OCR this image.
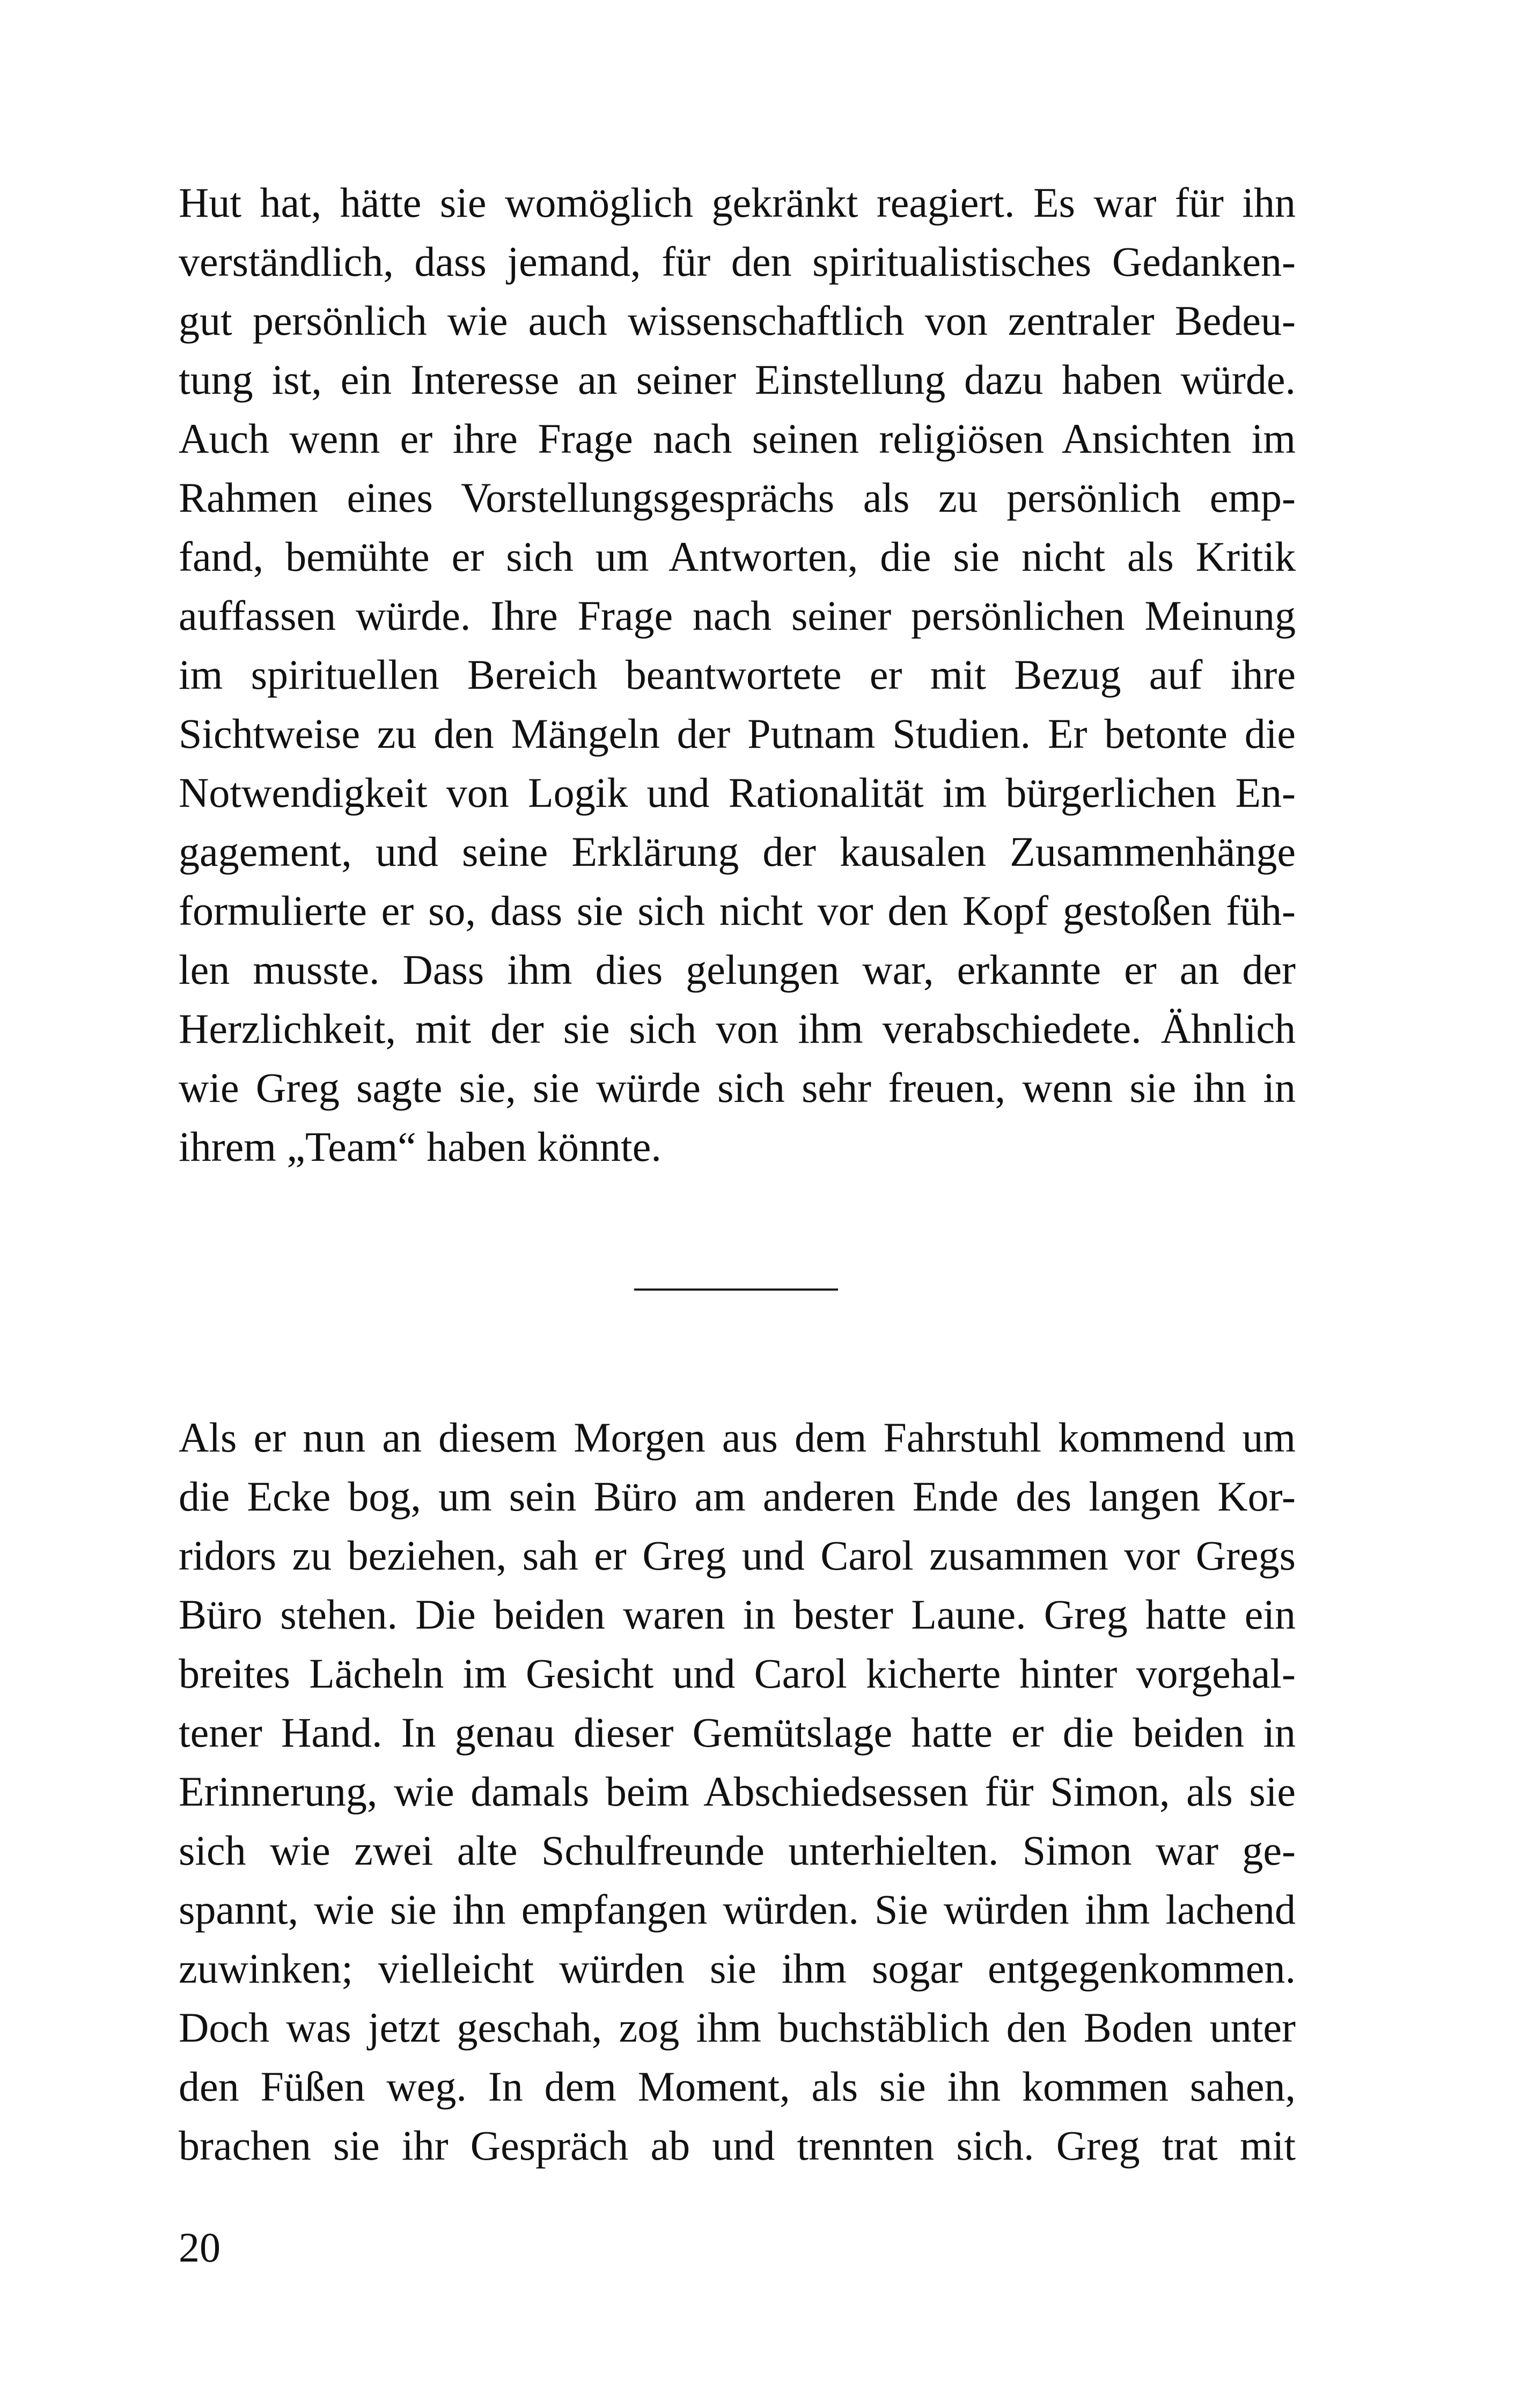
Hut hat, hätte sie womöglich gekränkt reagiert. Es war für ihn
verständlich, dass jemand, für den spiritualistisches Gedanken-
gut persönlich wie auch wissenschaftlich von zentraler Bedeu-
tung ist, ein Interesse an seiner Einstellung dazu haben würde.
Auch wenn er ihre Frage nach seinen religiösen Ansichten im
Rahmen eines Vorstellungsgesprächs als zu persönlich emp-
fand, bemühte er sich um Antworten, die sie nicht als Kritik
auffassen würde. Ihre Frage nach seiner persönlichen Meinung
im spirituellen Bereich beantwortete er mit Bezug auf ihre
Sichtweise zu den Mängeln der Putnam Studien. Er betonte die
Notwendigkeit von Logik und Rationalität im bürgerlichen En-
gagement, und seine Erklärung der kausalen Zusammenhänge
formulierte er so, dass sie sich nicht vor den Kopf gestoßen füh-
len musste. Dass ihm dies gelungen war, erkannte er an der
Herzlichkeit, mit der sie sich von ihm verabschiedete. Ähnlich
wie Greg sagte sie, sie würde sich sehr freuen, wenn sie ihn in
ihrem „Team“ haben könnte.
Als er nun an diesem Morgen aus dem Fahrstuhl kommend um
die Ecke bog, um sein Büro am anderen Ende des langen Kor-
ridors zu beziehen, sah er Greg und Carol zusammen vor Gregs
Büro stehen. Die beiden waren in bester Laune. Greg hatte ein
breites Lächeln im Gesicht und Carol kicherte hinter vorgehal-
tener Hand. In genau dieser Gemütslage hatte er die beiden in
Erinnerung, wie damals beim Abschiedsessen für Simon, als sie
sich wie zwei alte Schulfreunde unterhielten. Simon war ge-
spannt, wie sie ihn empfangen würden. Sie würden ihm lachend
zuwinken; vielleicht würden sie ihm sogar entgegenkommen.
Doch was jetzt geschah, zog ihm buchstäblich den Boden unter
den Füßen weg. In dem Moment, als sie ihn kommen sahen,
brachen sie ihr Gespräch ab und trennten sich. Greg trat mit
20
